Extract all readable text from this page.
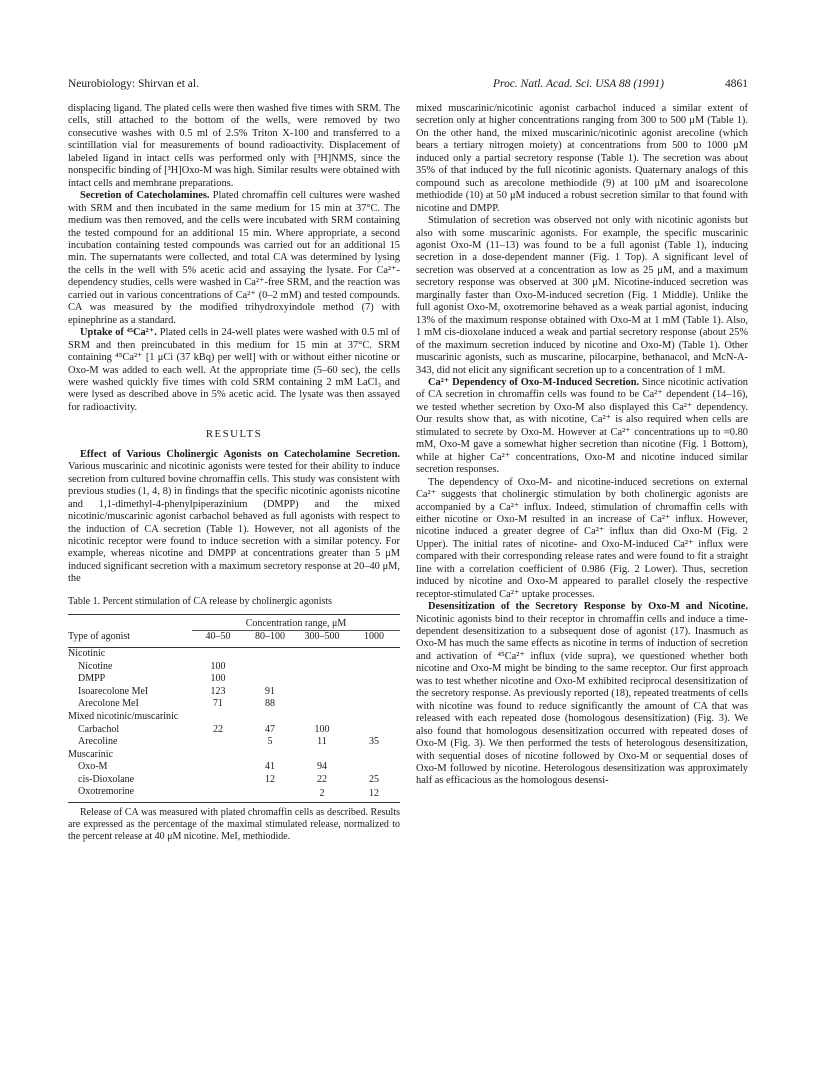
Neurobiology: Shirvan et al.	Proc. Natl. Acad. Sci. USA 88 (1991)	4861

displacing ligand. The plated cells were then washed five times with SRM. The cells, still attached to the bottom of the wells, were removed by two consecutive washes with 0.5 ml of 2.5% Triton X-100 and transferred to a scintillation vial for measurements of bound radioactivity. Displacement of labeled ligand in intact cells was performed only with [³H]NMS, since the nonspecific binding of [³H]Oxo-M was high. Similar results were obtained with intact cells and membrane preparations.

Secretion of Catecholamines. Plated chromaffin cell cultures were washed with SRM and then incubated in the same medium for 15 min at 37°C. The medium was then removed, and the cells were incubated with SRM containing the tested compound for an additional 15 min. Where appropriate, a second incubation containing tested compounds was carried out for an additional 15 min. The supernatants were collected, and total CA was determined by lysing the cells in the well with 5% acetic acid and assaying the lysate. For Ca²⁺-dependency studies, cells were washed in Ca²⁺-free SRM, and the reaction was carried out in various concentrations of Ca²⁺ (0–2 mM) and tested compounds. CA was measured by the modified trihydroxyindole method (7) with epinephrine as a standard.

Uptake of ⁴⁵Ca²⁺. Plated cells in 24-well plates were washed with 0.5 ml of SRM and then preincubated in this medium for 15 min at 37°C. SRM containing ⁴⁵Ca²⁺ [1 μCi (37 kBq) per well] with or without either nicotine or Oxo-M was added to each well. At the appropriate time (5–60 sec), the cells were washed quickly five times with cold SRM containing 2 mM LaCl₃ and were lysed as described above in 5% acetic acid. The lysate was then assayed for radioactivity.

RESULTS

Effect of Various Cholinergic Agonists on Catecholamine Secretion. Various muscarinic and nicotinic agonists were tested for their ability to induce secretion from cultured bovine chromaffin cells. This study was consistent with previous studies (1, 4, 8) in findings that the specific nicotinic agonists nicotine and 1,1-dimethyl-4-phenylpiperazinium (DMPP) and the mixed nicotinic/muscarinic agonist carbachol behaved as full agonists with respect to the induction of CA secretion (Table 1). However, not all agonists of the nicotinic receptor were found to induce secretion with a similar potency. For example, whereas nicotine and DMPP at concentrations greater than 5 μM induced significant secretion with a maximum secretory response at 20–40 μM, the

Table 1. Percent stimulation of CA release by cholinergic agonists

Type of agonist	Concentration range, μM			
	40–50	80–100	300–500	1000
Nicotinic				
Nicotine	100			
DMPP	100			
Isoarecolone MeI	123	91		
Arecolone MeI	71	88		
Mixed nicotinic/muscarinic				
Carbachol	22	47	100	
Arecoline		5	11	35
Muscarinic				
Oxo-M		41	94	
cis-Dioxolane		12	22	25
Oxotremorine			2	12

Release of CA was measured with plated chromaffin cells as described. Results are expressed as the percentage of the maximal stimulated release, normalized to the percent release at 40 μM nicotine. MeI, methiodide.

mixed muscarinic/nicotinic agonist carbachol induced a similar extent of secretion only at higher concentrations ranging from 300 to 500 μM (Table 1). On the other hand, the mixed muscarinic/nicotinic agonist arecoline (which bears a tertiary nitrogen moiety) at concentrations from 500 to 1000 μM induced only a partial secretory response (Table 1). The secretion was about 35% of that induced by the full nicotinic agonists. Quaternary analogs of this compound such as arecolone methiodide (9) at 100 μM and isoarecolone methiodide (10) at 50 μM induced a robust secretion similar to that found with nicotine and DMPP.

Stimulation of secretion was observed not only with nicotinic agonists but also with some muscarinic agonists. For example, the specific muscarinic agonist Oxo-M (11–13) was found to be a full agonist (Table 1), inducing secretion in a dose-dependent manner (Fig. 1 Top). A significant level of secretion was observed at a concentration as low as 25 μM, and a maximum secretory response was observed at 300 μM. Nicotine-induced secretion was marginally faster than Oxo-M-induced secretion (Fig. 1 Middle). Unlike the full agonist Oxo-M, oxotremorine behaved as a weak partial agonist, inducing 13% of the maximum response obtained with Oxo-M at 1 mM (Table 1). Also, 1 mM cis-dioxolane induced a weak and partial secretory response (about 25% of the maximum secretion induced by nicotine and Oxo-M) (Table 1). Other muscarinic agonists, such as muscarine, pilocarpine, bethanacol, and McN-A-343, did not elicit any significant secretion up to a concentration of 1 mM.

Ca²⁺ Dependency of Oxo-M-Induced Secretion. Since nicotinic activation of CA secretion in chromaffin cells was found to be Ca²⁺ dependent (14–16), we tested whether secretion by Oxo-M also displayed this Ca²⁺ dependency. Our results show that, as with nicotine, Ca²⁺ is also required when cells are stimulated to secrete by Oxo-M. However at Ca²⁺ concentrations up to ≈0.80 mM, Oxo-M gave a somewhat higher secretion than nicotine (Fig. 1 Bottom), while at higher Ca²⁺ concentrations, Oxo-M and nicotine induced similar secretion responses.

The dependency of Oxo-M- and nicotine-induced secretions on external Ca²⁺ suggests that cholinergic stimulation by both cholinergic agonists are accompanied by a Ca²⁺ influx. Indeed, stimulation of chromaffin cells with either nicotine or Oxo-M resulted in an increase of Ca²⁺ influx. However, nicotine induced a greater degree of Ca²⁺ influx than did Oxo-M (Fig. 2 Upper). The initial rates of nicotine- and Oxo-M-induced Ca²⁺ influx were compared with their corresponding release rates and were found to fit a straight line with a correlation coefficient of 0.986 (Fig. 2 Lower). Thus, secretion induced by nicotine and Oxo-M appeared to parallel closely the respective receptor-stimulated Ca²⁺ uptake processes.

Desensitization of the Secretory Response by Oxo-M and Nicotine. Nicotinic agonists bind to their receptor in chromaffin cells and induce a time-dependent desensitization to a subsequent dose of agonist (17). Inasmuch as Oxo-M has much the same effects as nicotine in terms of induction of secretion and activation of ⁴⁵Ca²⁺ influx (vide supra), we questioned whether both nicotine and Oxo-M might be binding to the same receptor. Our first approach was to test whether nicotine and Oxo-M exhibited reciprocal desensitization of the secretory response. As previously reported (18), repeated treatments of cells with nicotine was found to reduce significantly the amount of CA that was released with each repeated dose (homologous desensitization) (Fig. 3). We also found that homologous desensitization occurred with repeated doses of Oxo-M (Fig. 3). We then performed the tests of heterologous desensitization, with sequential doses of nicotine followed by Oxo-M or sequential doses of Oxo-M followed by nicotine. Heterologous desensitization was approximately half as efficacious as the homologous desensi-
